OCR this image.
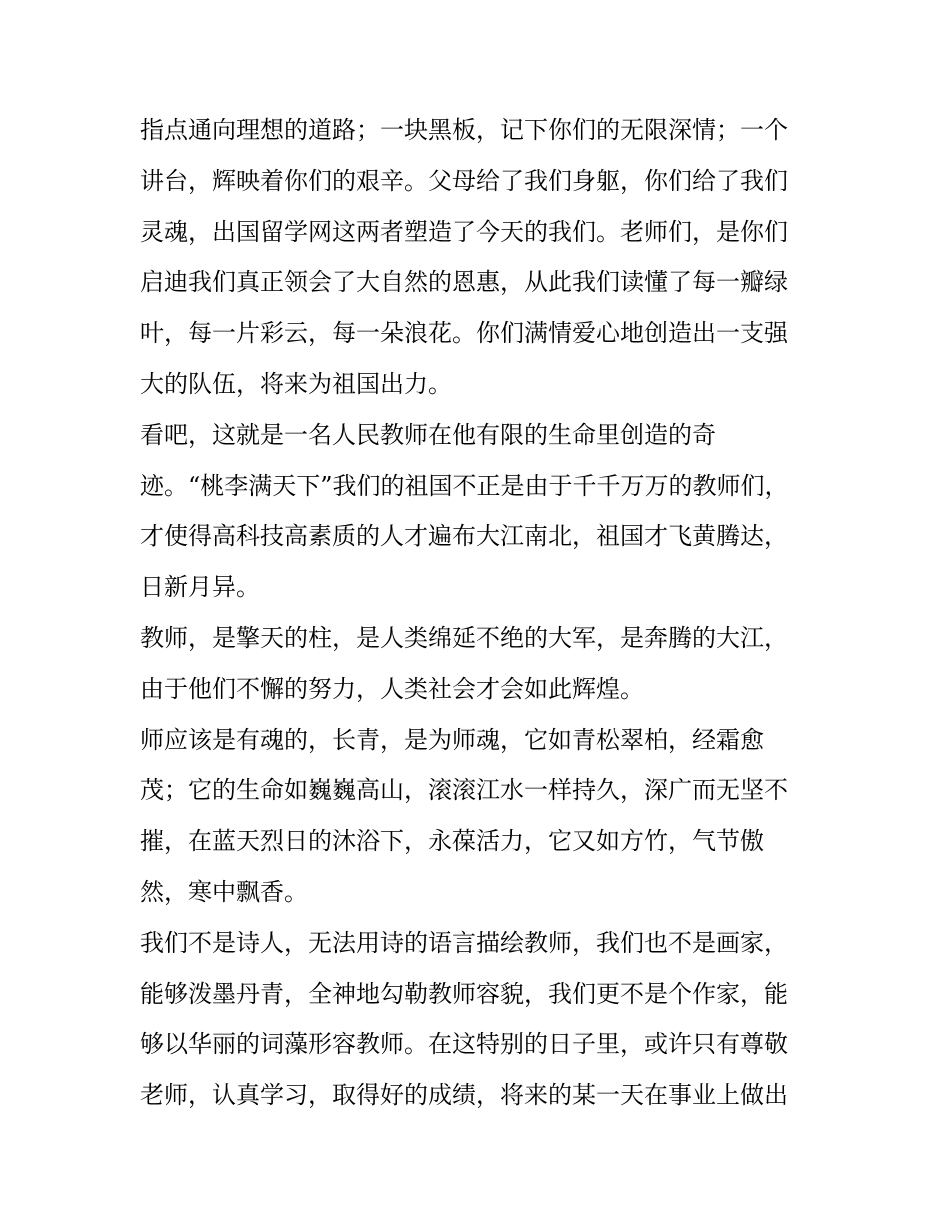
指点通向理想的道路；一块黑板，记下你们的无限深情；一个
讲台，辉映着你们的艰辛。父母给了我们身躯，你们给了我们
灵魂，出国留学网这两者塑造了今天的我们。老师们，是你们
启迪我们真正领会了大自然的恩惠，从此我们读懂了每一瓣绿
叶，每一片彩云，每一朵浪花。你们满情爱心地创造出一支强
大的队伍，将来为祖国出力。
看吧，这就是一名人民教师在他有限的生命里创造的奇
迹。“桃李满天下”我们的祖国不正是由于千千万万的教师们，
才使得高科技高素质的人才遍布大江南北，祖国才飞黄腾达，
日新月异。
教师，是擎天的柱，是人类绵延不绝的大军，是奔腾的大江，
由于他们不懈的努力，人类社会才会如此辉煌。
师应该是有魂的，长青，是为师魂，它如青松翠柏，经霜愈
茂；它的生命如巍巍高山，滚滚江水一样持久，深广而无坚不
摧，在蓝天烈日的沐浴下，永葆活力，它又如方竹，气节傲
然，寒中飘香。
我们不是诗人，无法用诗的语言描绘教师，我们也不是画家，
能够泼墨丹青，全神地勾勒教师容貌，我们更不是个作家，能
够以华丽的词藻形容教师。在这特别的日子里，或许只有尊敬
老师，认真学习，取得好的成绩，将来的某一天在事业上做出
